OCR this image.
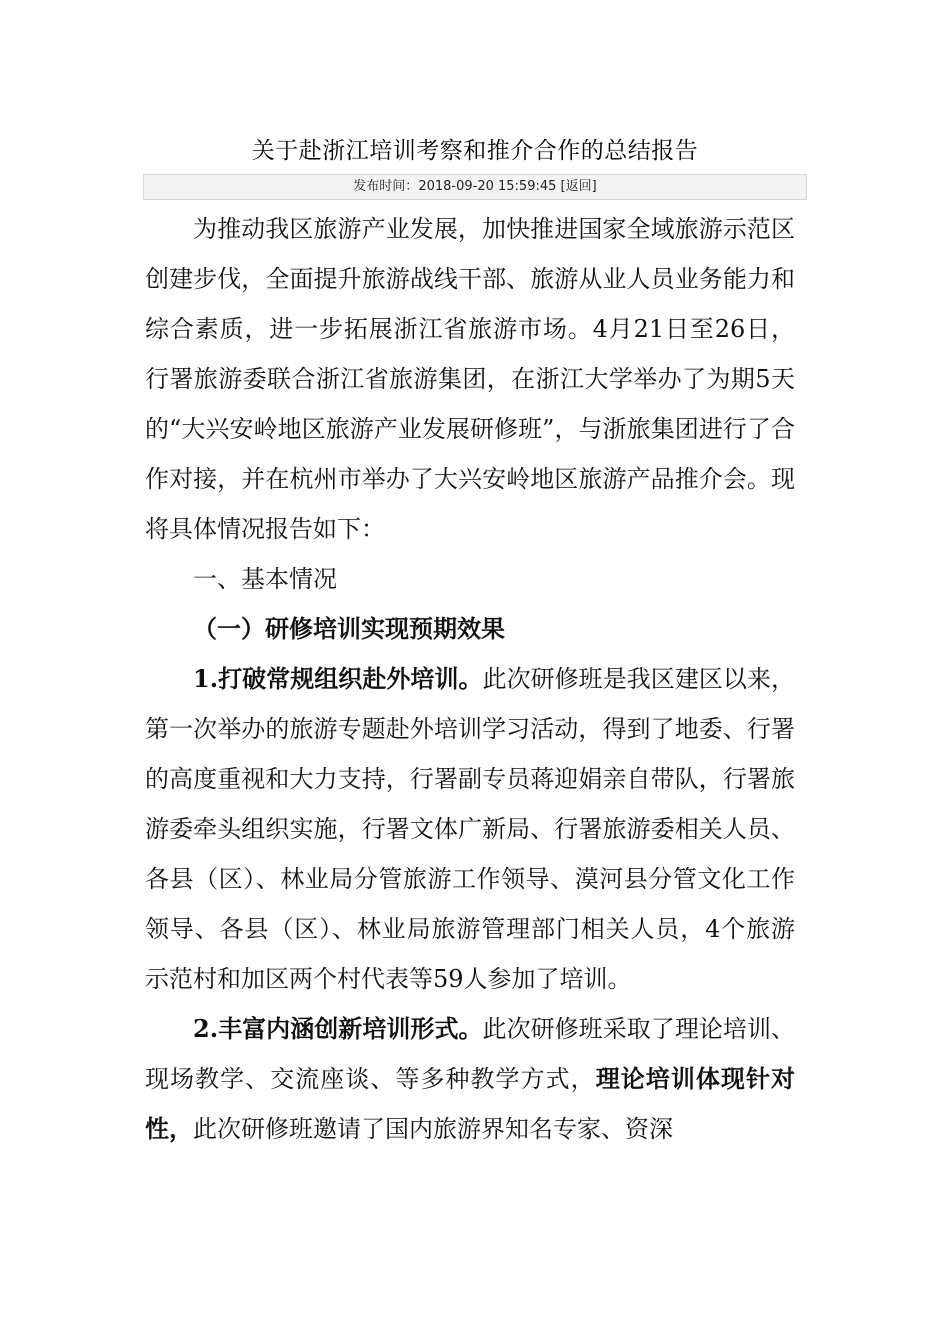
关于赴浙江培训考察和推介合作的总结报告
发布时间：2018-09-20 15:59:45 [返回]

为推动我区旅游产业发展，加快推进国家全域旅游示范区创建步伐，全面提升旅游战线干部、旅游从业人员业务能力和综合素质，进一步拓展浙江省旅游市场。4月21日至26日，行署旅游委联合浙江省旅游集团，在浙江大学举办了为期5天的“大兴安岭地区旅游产业发展研修班”，与浙旅集团进行了合作对接，并在杭州市举办了大兴安岭地区旅游产品推介会。现将具体情况报告如下：

一、基本情况

（一）研修培训实现预期效果

1.打破常规组织赴外培训。此次研修班是我区建区以来，第一次举办的旅游专题赴外培训学习活动，得到了地委、行署的高度重视和大力支持，行署副专员蒋迎娟亲自带队，行署旅游委牵头组织实施，行署文体广新局、行署旅游委相关人员、各县（区）、林业局分管旅游工作领导、漠河县分管文化工作领导、各县（区）、林业局旅游管理部门相关人员，4个旅游示范村和加区两个村代表等59人参加了培训。

2.丰富内涵创新培训形式。此次研修班采取了理论培训、现场教学、交流座谈、等多种教学方式，理论培训体现针对性，此次研修班邀请了国内旅游界知名专家、资深
